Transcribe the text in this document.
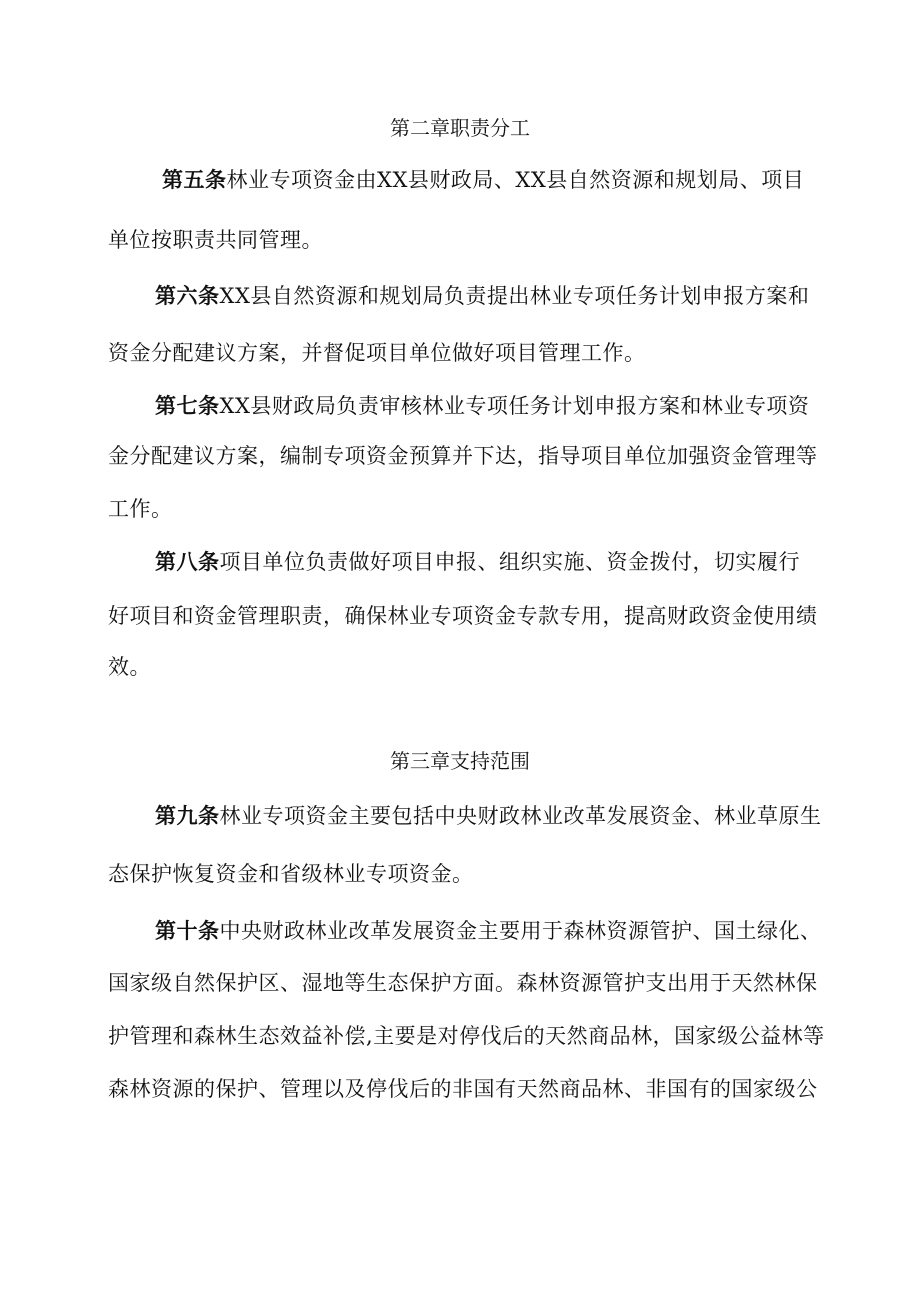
第二章职责分工
第五条林业专项资金由XX县财政局、XX县自然资源和规划局、项目
单位按职责共同管理。
第六条XX县自然资源和规划局负责提出林业专项任务计划申报方案和
资金分配建议方案，并督促项目单位做好项目管理工作。
第七条XX县财政局负责审核林业专项任务计划申报方案和林业专项资
金分配建议方案，编制专项资金预算并下达，指导项目单位加强资金管理等
工作。
第八条项目单位负责做好项目申报、组织实施、资金拨付，切实履行
好项目和资金管理职责，确保林业专项资金专款专用，提高财政资金使用绩
效。
第三章支持范围
第九条林业专项资金主要包括中央财政林业改革发展资金、林业草原生
态保护恢复资金和省级林业专项资金。
第十条中央财政林业改革发展资金主要用于森林资源管护、国土绿化、
国家级自然保护区、湿地等生态保护方面。森林资源管护支出用于天然林保
护管理和森林生态效益补偿,主要是对停伐后的天然商品林，国家级公益林等
森林资源的保护、管理以及停伐后的非国有天然商品林、非国有的国家级公
